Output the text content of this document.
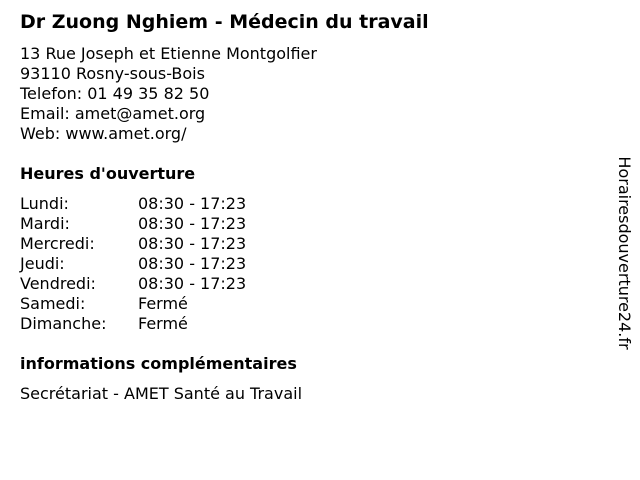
Dr Zuong Nghiem - Médecin du travail
13 Rue Joseph et Etienne Montgolfier
93110 Rosny-sous-Bois
Telefon: 01 49 35 82 50
Email: amet@amet.org
Web: www.amet.org/
Heures d'ouverture
Lundi:	08:30 - 17:23
Mardi:	08:30 - 17:23
Mercredi:	08:30 - 17:23
Jeudi:	08:30 - 17:23
Vendredi:	08:30 - 17:23
Samedi:	Fermé
Dimanche:	Fermé
informations complémentaires
Secrétariat - AMET Santé au Travail
Horairesdouverture24.fr
